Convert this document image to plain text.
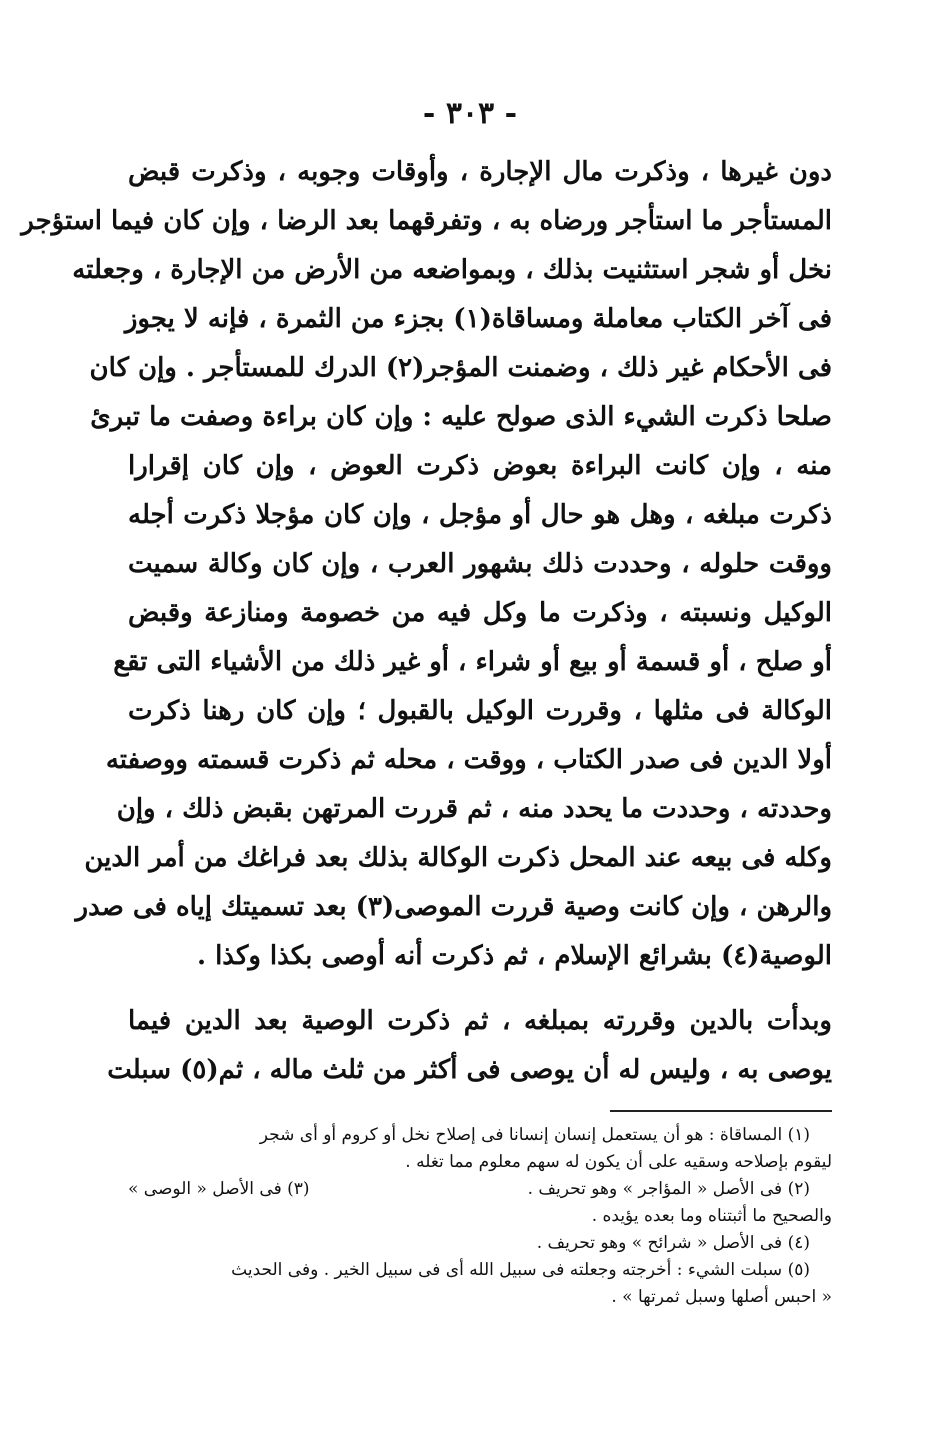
- ٣٠٣ -
دون غيرها ، وذكرت مال الإجارة ، وأوقات وجوبه ، وذكرت قبض
المستأجر ما استأجر ورضاه به ، وتفرقهما بعد الرضا ، وإن كان فيما استؤجر
نخل أو شجر استثنيت بذلك ، وبمواضعه من الأرض من الإجارة ، وجعلته
فى آخر الكتاب معاملة ومساقاة(١) بجزء من الثمرة ، فإنه لا يجوز
فى الأحكام غير ذلك ، وضمنت المؤجر(٢) الدرك للمستأجر . وإن كان
صلحا ذكرت الشيء الذى صولح عليه : وإن كان براءة وصفت ما تبرئ
منه ، وإن كانت البراءة بعوض ذكرت العوض ، وإن كان إقرارا
ذكرت مبلغه ، وهل هو حال أو مؤجل ، وإن كان مؤجلا ذكرت أجله
ووقت حلوله ، وحددت ذلك بشهور العرب ، وإن كان وكالة سميت
الوكيل ونسبته ، وذكرت ما وكل فيه من خصومة ومنازعة وقبض
أو صلح ، أو قسمة أو بيع أو شراء ، أو غير ذلك من الأشياء التى تقع
الوكالة فى مثلها ، وقررت الوكيل بالقبول ؛ وإن كان رهنا ذكرت
أولا الدين فى صدر الكتاب ، ووقت ، محله ثم ذكرت قسمته ووصفته
وحددته ، وحددت ما يحدد منه ، ثم قررت المرتهن بقبض ذلك ، وإن
وكله فى بيعه عند المحل ذكرت الوكالة بذلك بعد فراغك من أمر الدين
والرهن ، وإن كانت وصية قررت الموصى(٣) بعد تسميتك إياه فى صدر
الوصية(٤) بشرائع الإسلام ، ثم ذكرت أنه أوصى بكذا وكذا .
وبدأت بالدين وقررته بمبلغه ، ثم ذكرت الوصية بعد الدين فيما
يوصى به ، وليس له أن يوصى فى أكثر من ثلث ماله ، ثم(٥) سبلت
(١) المساقاة : هو أن يستعمل إنسان إنسانا فى إصلاح نخل أو كروم أو أى شجر
ليقوم بإصلاحه وسقيه على أن يكون له سهم معلوم مما تغله .
(٢) فى الأصل « المؤاجر » وهو تحريف .
(٣) فى الأصل « الوصى »
والصحيح ما أثبتناه وما بعده يؤيده .
(٤) فى الأصل « شرائح » وهو تحريف .
(٥) سبلت الشيء : أخرجته وجعلته فى سبيل الله أى فى سبيل الخير . وفى الحديث
« احبس أصلها وسبل ثمرتها » .
